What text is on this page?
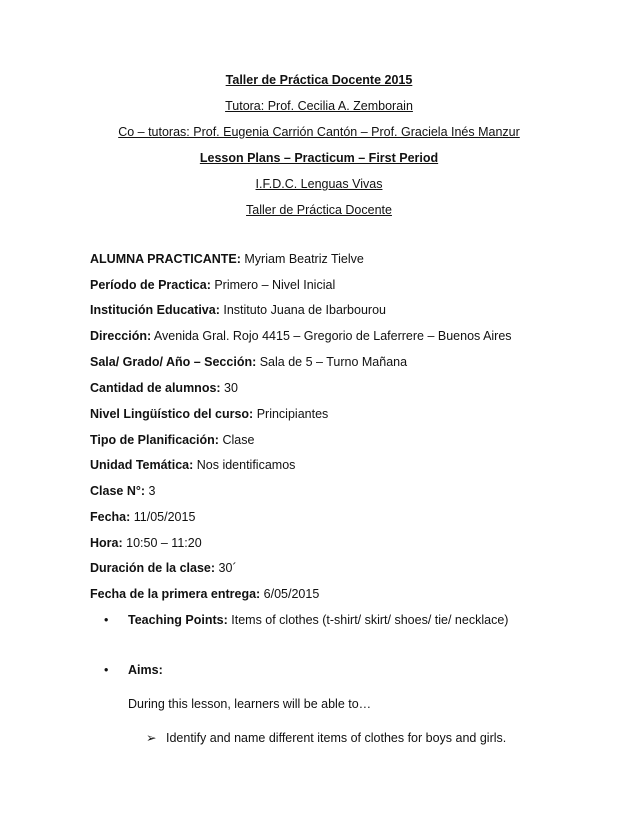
Taller de Práctica Docente 2015
Tutora: Prof. Cecilia A. Zemborain
Co – tutoras: Prof. Eugenia Carrión Cantón – Prof. Graciela Inés Manzur
Lesson Plans – Practicum – First Period
I.F.D.C. Lenguas Vivas
Taller de Práctica Docente
ALUMNA PRACTICANTE: Myriam Beatriz Tielve
Período de Practica: Primero – Nivel Inicial
Institución Educativa: Instituto Juana de Ibarbourou
Dirección: Avenida Gral. Rojo 4415 – Gregorio de Laferrere – Buenos Aires
Sala/ Grado/ Año – Sección: Sala de 5 – Turno Mañana
Cantidad de alumnos: 30
Nivel Lingüístico del curso: Principiantes
Tipo de Planificación: Clase
Unidad Temática: Nos identificamos
Clase N°: 3
Fecha: 11/05/2015
Hora: 10:50 – 11:20
Duración de la clase: 30´
Fecha de la primera entrega: 6/05/2015
• Teaching Points: Items of clothes (t-shirt/ skirt/ shoes/ tie/ necklace)
• Aims:
During this lesson, learners will be able to…
➢ Identify and name different items of clothes for boys and girls.
